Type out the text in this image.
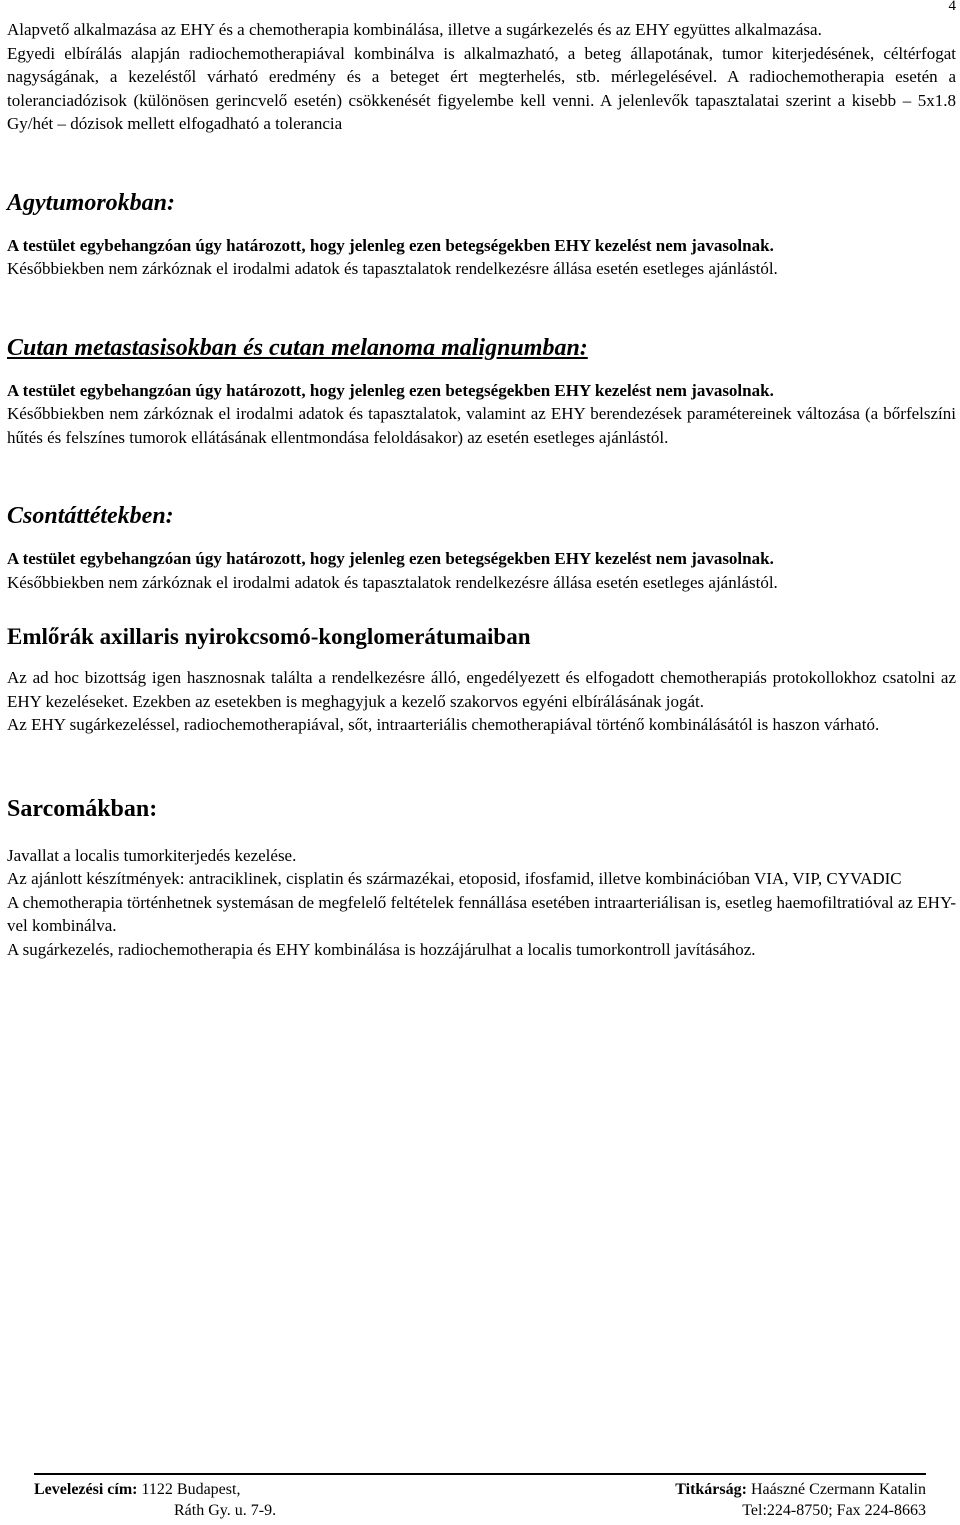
4

Alapvető alkalmazása az EHY és a chemotherapia kombinálása, illetve a sugárkezelés és az EHY együttes alkalmazása.

Egyedi elbírálás alapján radiochemotherapiával kombinálva is alkalmazható, a beteg állapotának, tumor kiterjedésének, céltérfogat nagyságának, a kezeléstől várható eredmény és a beteget ért megterhelés, stb. mérlegelésével. A radiochemotherapia esetén a toleranciadózisok (különösen gerincvelő esetén) csökkenését figyelembe kell venni. A jelenlevők tapasztalatai szerint a kisebb – 5x1.8 Gy/hét – dózisok mellett elfogadható a tolerancia

Agytumorokban:

A testület egybehangzóan úgy határozott, hogy jelenleg ezen betegségekben EHY kezelést nem javasolnak.

Későbbiekben nem zárkóznak el irodalmi adatok és tapasztalatok rendelkezésre állása esetén esetleges ajánlástól.

Cutan metastasisokban és cutan melanoma malignumban:

A testület egybehangzóan úgy határozott, hogy jelenleg ezen betegségekben EHY kezelést nem javasolnak.

Későbbiekben nem zárkóznak el irodalmi adatok és tapasztalatok, valamint az EHY berendezések paramétereinek változása (a bőrfelszíni hűtés és felszínes tumorok ellátásának ellentmondása feloldásakor) az esetén esetleges ajánlástól.

Csontáttétekben:

A testület egybehangzóan úgy határozott, hogy jelenleg ezen betegségekben EHY kezelést nem javasolnak.

Későbbiekben nem zárkóznak el irodalmi adatok és tapasztalatok rendelkezésre állása esetén esetleges ajánlástól.

Emlőrák axillaris nyirokcsomó-konglomerátumaiban

Az ad hoc bizottság igen hasznosnak találta a rendelkezésre álló, engedélyezett és elfogadott chemotherapiás protokollokhoz csatolni az EHY kezeléseket. Ezekben az esetekben is meghagyjuk a kezelő szakorvos egyéni elbírálásának jogát.

Az EHY sugárkezeléssel, radiochemotherapiával, sőt, intraarteriális chemotherapiával történő kombinálásától is haszon várható.

Sarcomákban:

Javallat a localis tumorkiterjedés kezelése.

Az ajánlott készítmények: antraciklinek, cisplatin és származékai, etoposid, ifosfamid, illetve kombinációban VIA, VIP, CYVADIC

A chemotherapia történhetnek systemásan de megfelelő feltételek fennállása esetében intraarteriálisan is, esetleg haemofiltratióval az EHY-vel kombinálva.

A sugárkezelés, radiochemotherapia és EHY kombinálása is hozzájárulhat a localis tumorkontroll javításához.

Levelezési cím: 1122 Budapest,
Ráth Gy. u. 7-9.
Titkárság: Haászné Czermann Katalin
Tel:224-8750; Fax 224-8663
